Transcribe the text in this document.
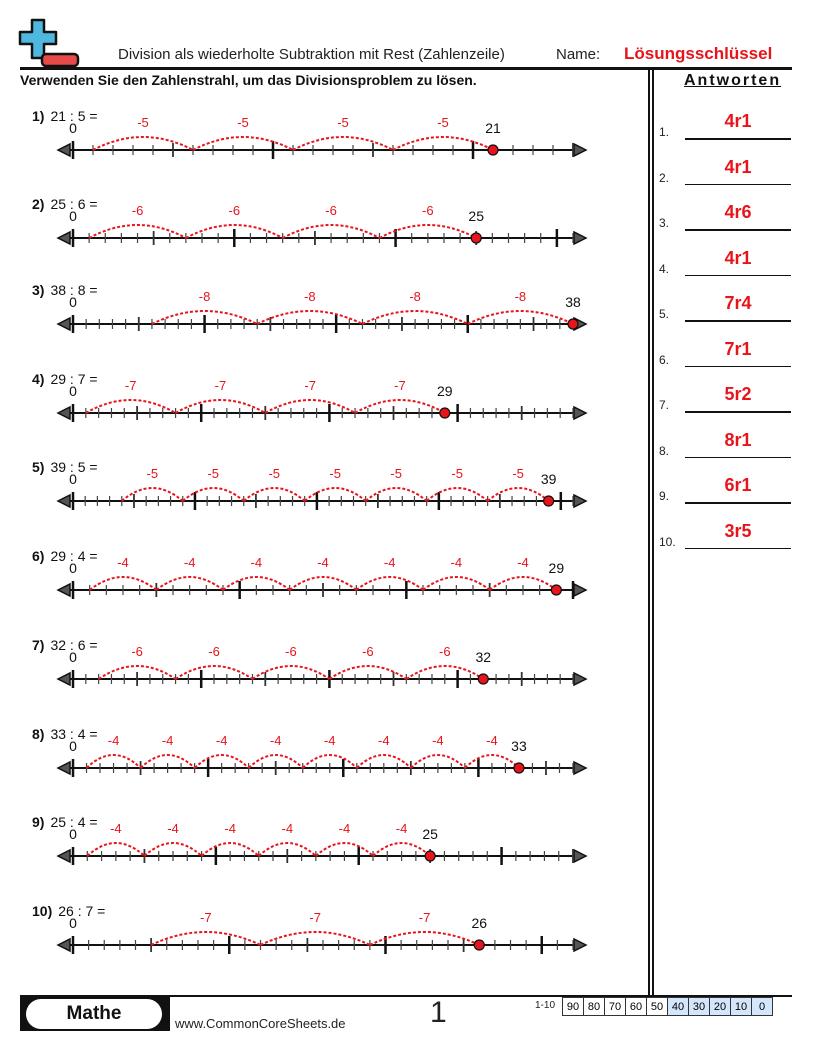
Division als wiederholte Subtraktion mit Rest (Zahlenzeile)	Name: Lösungsschlüssel
Verwenden Sie den Zahlenstrahl, um das Divisionsproblem zu lösen.	Antworten
1.
4r1
2.
4r1
3.
4r6
4.
4r1
5.
7r4
6.
7r1
7.
5r2
8.
8r1
9.
6r1
10.
3r5
1) 21 : 5 =	-5	-5	-5	-5
0	21
2) 25 : 6 =	-6	-6	-6	-6
0	25
3) 38 : 8 =	-8	-8	-8	-8
0	38
4) 29 : 7 = -7	-7	-7	-7
0	29
5) 39 : 5 =	-5	-5	-5	-5	-5	-5	-5
0	39
6) 29 : 4 = -4	-4	-4	-4	-4	-4	-4
0	29
7) 32 : 6 =	-6	-6	-6	-6	-6
0	32
8) 33 : 4 = -4	-4	-4	-4	-4	-4	-4	-4
0	33
9) 25 : 4 = -4	-4	-4	-4	-4	-4
0	25
10) 26 : 7 =	-7	-7	-7
0	26
Mathe	www.CommonCoreSheets.de	1	1-10 90	80	70	60	50	40	30	20	10	0
